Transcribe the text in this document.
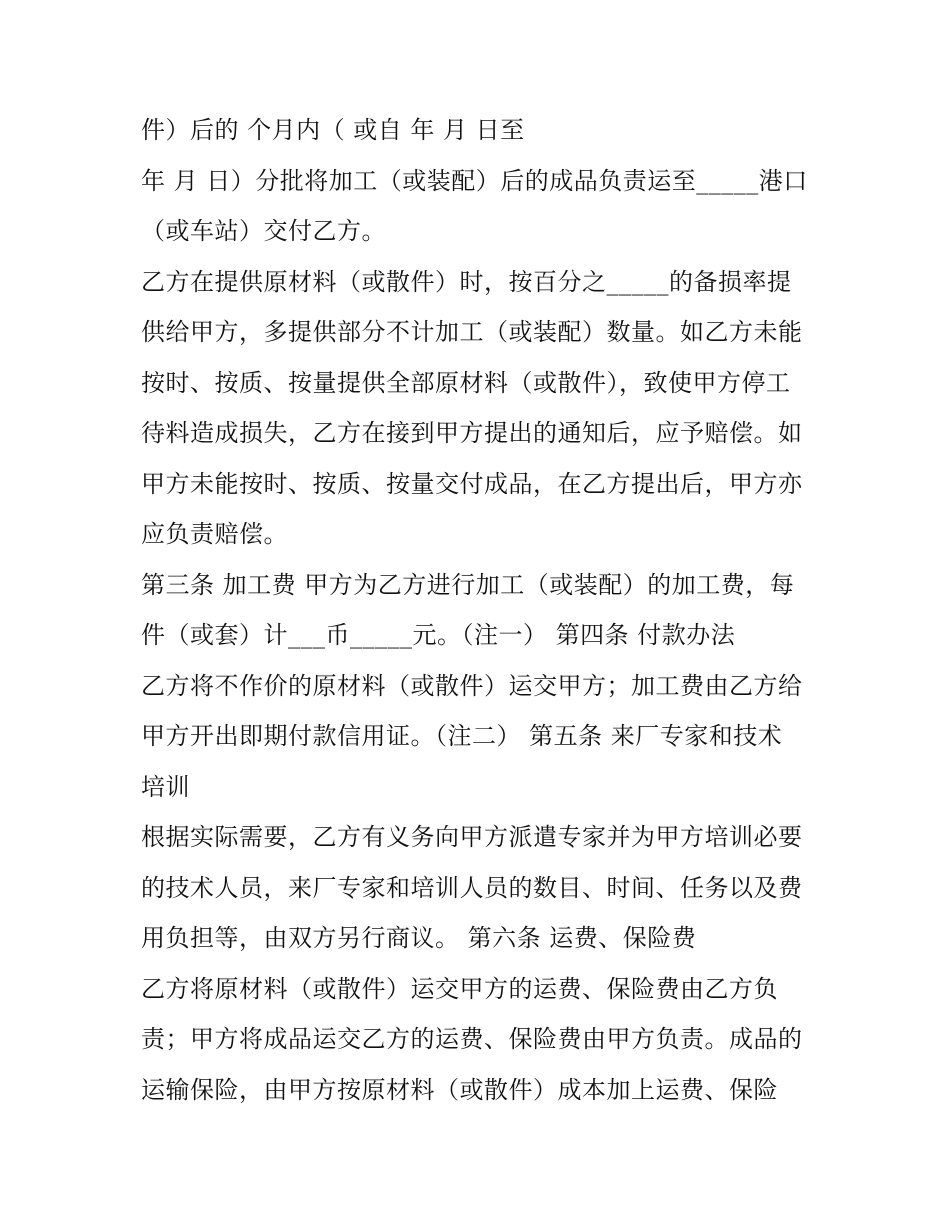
件）后的 个月内（ 或自 年 月 日至

年 月 日）分批将加工（或装配）后的成品负责运至_____港口

（或车站）交付乙方。

乙方在提供原材料（或散件）时，按百分之_____的备损率提

供给甲方，多提供部分不计加工（或装配）数量。如乙方未能

按时、按质、按量提供全部原材料（或散件），致使甲方停工

待料造成损失，乙方在接到甲方提出的通知后，应予赔偿。如

甲方未能按时、按质、按量交付成品，在乙方提出后，甲方亦

应负责赔偿。

第三条 加工费 甲方为乙方进行加工（或装配）的加工费，每

件（或套）计___币_____元。（注一） 第四条 付款办法

乙方将不作价的原材料（或散件）运交甲方；加工费由乙方给

甲方开出即期付款信用证。（注二） 第五条 来厂专家和技术

培训

根据实际需要，乙方有义务向甲方派遣专家并为甲方培训必要

的技术人员，来厂专家和培训人员的数目、时间、任务以及费

用负担等，由双方另行商议。 第六条 运费、保险费

乙方将原材料（或散件）运交甲方的运费、保险费由乙方负

责；甲方将成品运交乙方的运费、保险费由甲方负责。成品的

运输保险，由甲方按原材料（或散件）成本加上运费、保险
